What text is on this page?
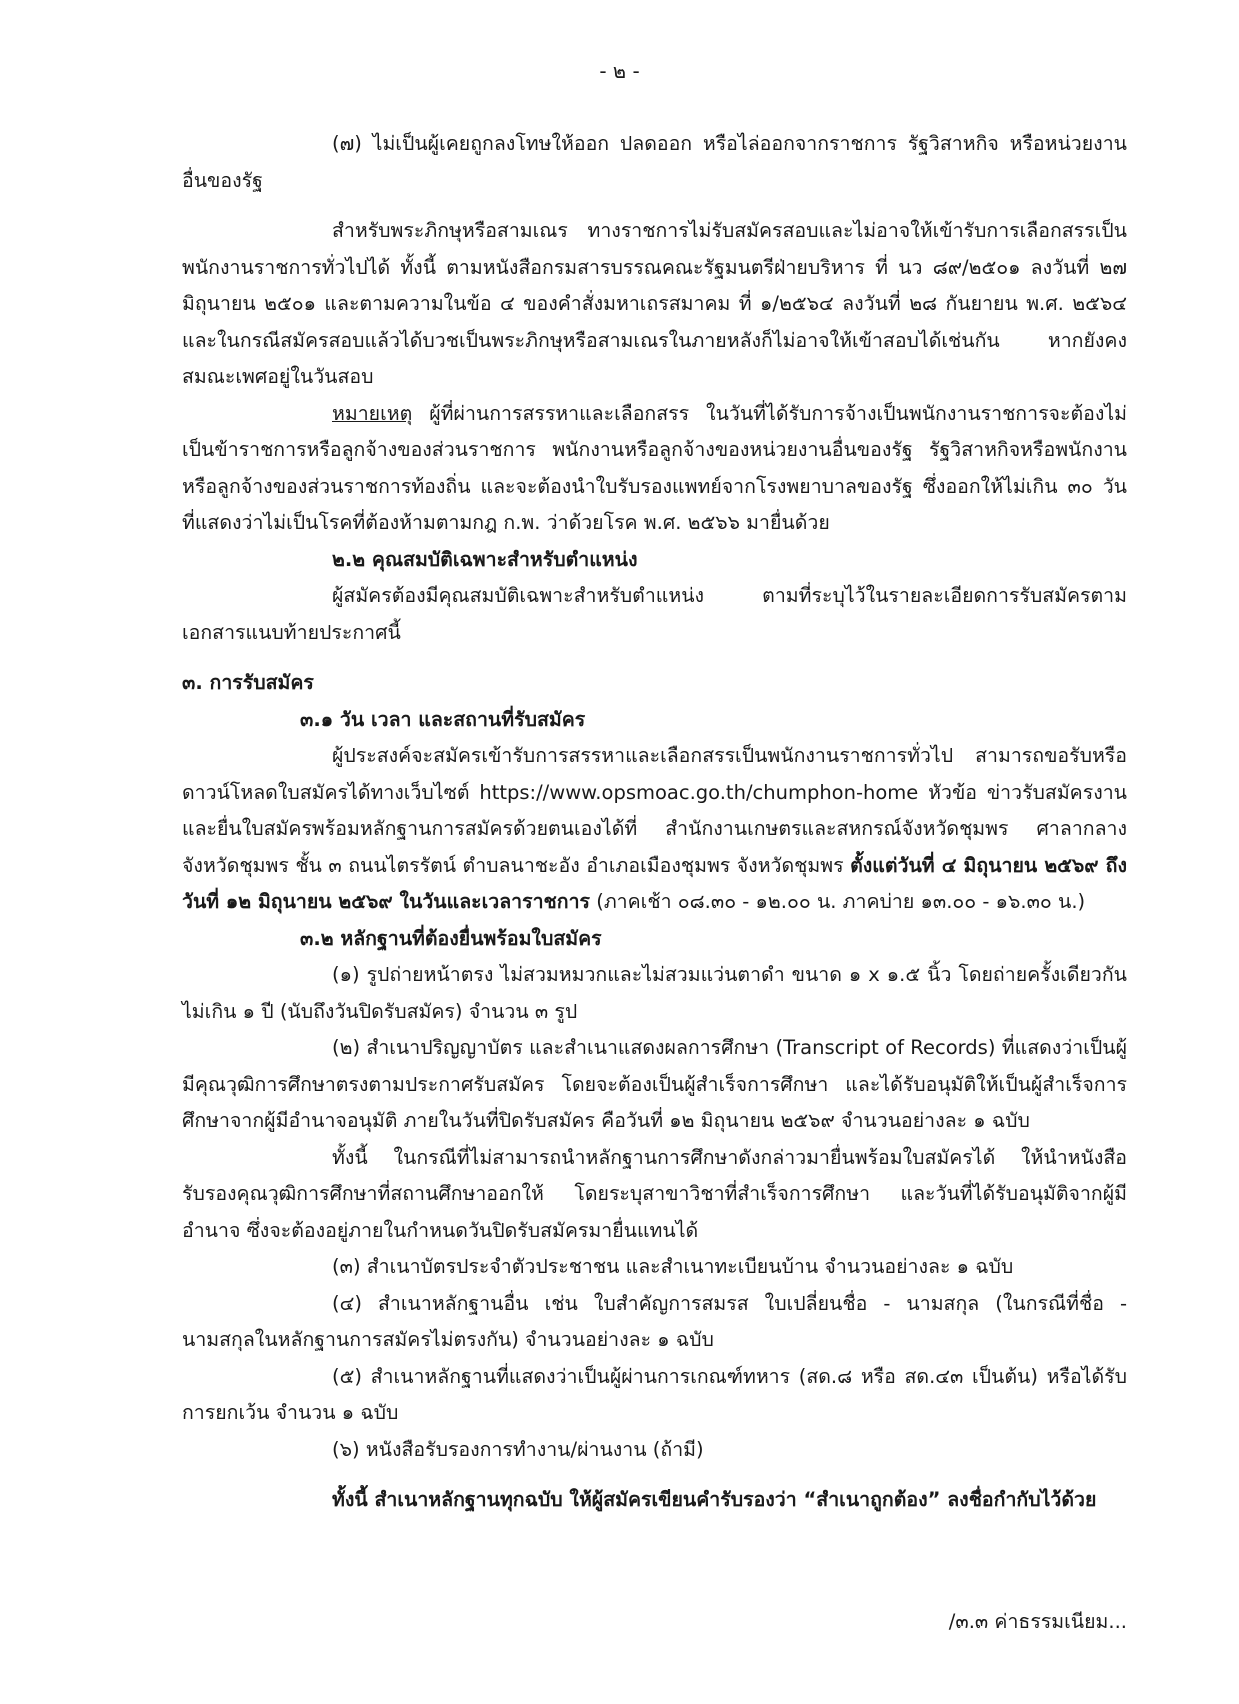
- ๒ -

(๗) ไม่เป็นผู้เคยถูกลงโทษให้ออก ปลดออก หรือไล่ออกจากราชการ รัฐวิสาหกิจ หรือหน่วยงานอื่นของรัฐ

สำหรับพระภิกษุหรือสามเณร ทางราชการไม่รับสมัครสอบและไม่อาจให้เข้ารับการเลือกสรรเป็นพนักงานราชการทั่วไปได้ ทั้งนี้ ตามหนังสือกรมสารบรรณคณะรัฐมนตรีฝ่ายบริหาร ที่ นว ๘๙/๒๕๐๑ ลงวันที่ ๒๗ มิถุนายน ๒๕๐๑ และตามความในข้อ ๔ ของคำสั่งมหาเถรสมาคม ที่ ๑/๒๕๖๔ ลงวันที่ ๒๘ กันยายน พ.ศ. ๒๕๖๔ และในกรณีสมัครสอบแล้วได้บวชเป็นพระภิกษุหรือสามเณรในภายหลังก็ไม่อาจให้เข้าสอบได้เช่นกัน หากยังคงสมณะเพศอยู่ในวันสอบ

หมายเหตุ ผู้ที่ผ่านการสรรหาและเลือกสรร ในวันที่ได้รับการจ้างเป็นพนักงานราชการจะต้องไม่เป็นข้าราชการหรือลูกจ้างของส่วนราชการ พนักงานหรือลูกจ้างของหน่วยงานอื่นของรัฐ รัฐวิสาหกิจหรือพนักงานหรือลูกจ้างของส่วนราชการท้องถิ่น และจะต้องนำใบรับรองแพทย์จากโรงพยาบาลของรัฐ ซึ่งออกให้ไม่เกิน ๓๐ วัน ที่แสดงว่าไม่เป็นโรคที่ต้องห้ามตามกฎ ก.พ. ว่าด้วยโรค พ.ศ. ๒๕๖๖ มายื่นด้วย

๒.๒ คุณสมบัติเฉพาะสำหรับตำแหน่ง

ผู้สมัครต้องมีคุณสมบัติเฉพาะสำหรับตำแหน่ง ตามที่ระบุไว้ในรายละเอียดการรับสมัครตามเอกสารแนบท้ายประกาศนี้

๓. การรับสมัคร

๓.๑ วัน เวลา และสถานที่รับสมัคร

ผู้ประสงค์จะสมัครเข้ารับการสรรหาและเลือกสรรเป็นพนักงานราชการทั่วไป สามารถขอรับหรือดาวน์โหลดใบสมัครได้ทางเว็บไซต์ https://www.opsmoac.go.th/chumphon-home หัวข้อ ข่าวรับสมัครงาน และยื่นใบสมัครพร้อมหลักฐานการสมัครด้วยตนเองได้ที่ สำนักงานเกษตรและสหกรณ์จังหวัดชุมพร ศาลากลางจังหวัดชุมพร ชั้น ๓ ถนนไตรรัตน์ ตำบลนาชะอัง อำเภอเมืองชุมพร จังหวัดชุมพร ตั้งแต่วันที่ ๔ มิถุนายน ๒๕๖๙ ถึงวันที่ ๑๒ มิถุนายน ๒๕๖๙ ในวันและเวลาราชการ (ภาคเช้า ๐๘.๓๐ - ๑๒.๐๐ น. ภาคบ่าย ๑๓.๐๐ - ๑๖.๓๐ น.)

๓.๒ หลักฐานที่ต้องยื่นพร้อมใบสมัคร

(๑) รูปถ่ายหน้าตรง ไม่สวมหมวกและไม่สวมแว่นตาดำ ขนาด ๑ x ๑.๕ นิ้ว โดยถ่ายครั้งเดียวกันไม่เกิน ๑ ปี (นับถึงวันปิดรับสมัคร) จำนวน ๓ รูป

(๒) สำเนาปริญญาบัตร และสำเนาแสดงผลการศึกษา (Transcript of Records) ที่แสดงว่าเป็นผู้มีคุณวุฒิการศึกษาตรงตามประกาศรับสมัคร โดยจะต้องเป็นผู้สำเร็จการศึกษา และได้รับอนุมัติให้เป็นผู้สำเร็จการศึกษาจากผู้มีอำนาจอนุมัติ ภายในวันที่ปิดรับสมัคร คือวันที่ ๑๒ มิถุนายน ๒๕๖๙ จำนวนอย่างละ ๑ ฉบับ

ทั้งนี้ ในกรณีที่ไม่สามารถนำหลักฐานการศึกษาดังกล่าวมายื่นพร้อมใบสมัครได้ ให้นำหนังสือรับรองคุณวุฒิการศึกษาที่สถานศึกษาออกให้ โดยระบุสาขาวิชาที่สำเร็จการศึกษา และวันที่ได้รับอนุมัติจากผู้มีอำนาจ ซึ่งจะต้องอยู่ภายในกำหนดวันปิดรับสมัครมายื่นแทนได้

(๓) สำเนาบัตรประจำตัวประชาชน และสำเนาทะเบียนบ้าน จำนวนอย่างละ ๑ ฉบับ

(๔) สำเนาหลักฐานอื่น เช่น ใบสำคัญการสมรส ใบเปลี่ยนชื่อ - นามสกุล (ในกรณีที่ชื่อ - นามสกุลในหลักฐานการสมัครไม่ตรงกัน) จำนวนอย่างละ ๑ ฉบับ

(๕) สำเนาหลักฐานที่แสดงว่าเป็นผู้ผ่านการเกณฑ์ทหาร (สด.๘ หรือ สด.๔๓ เป็นต้น) หรือได้รับการยกเว้น จำนวน ๑ ฉบับ

(๖) หนังสือรับรองการทำงาน/ผ่านงาน (ถ้ามี)

ทั้งนี้ สำเนาหลักฐานทุกฉบับ ให้ผู้สมัครเขียนคำรับรองว่า “สำเนาถูกต้อง” ลงชื่อกำกับไว้ด้วย

/๓.๓ ค่าธรรมเนียม...
